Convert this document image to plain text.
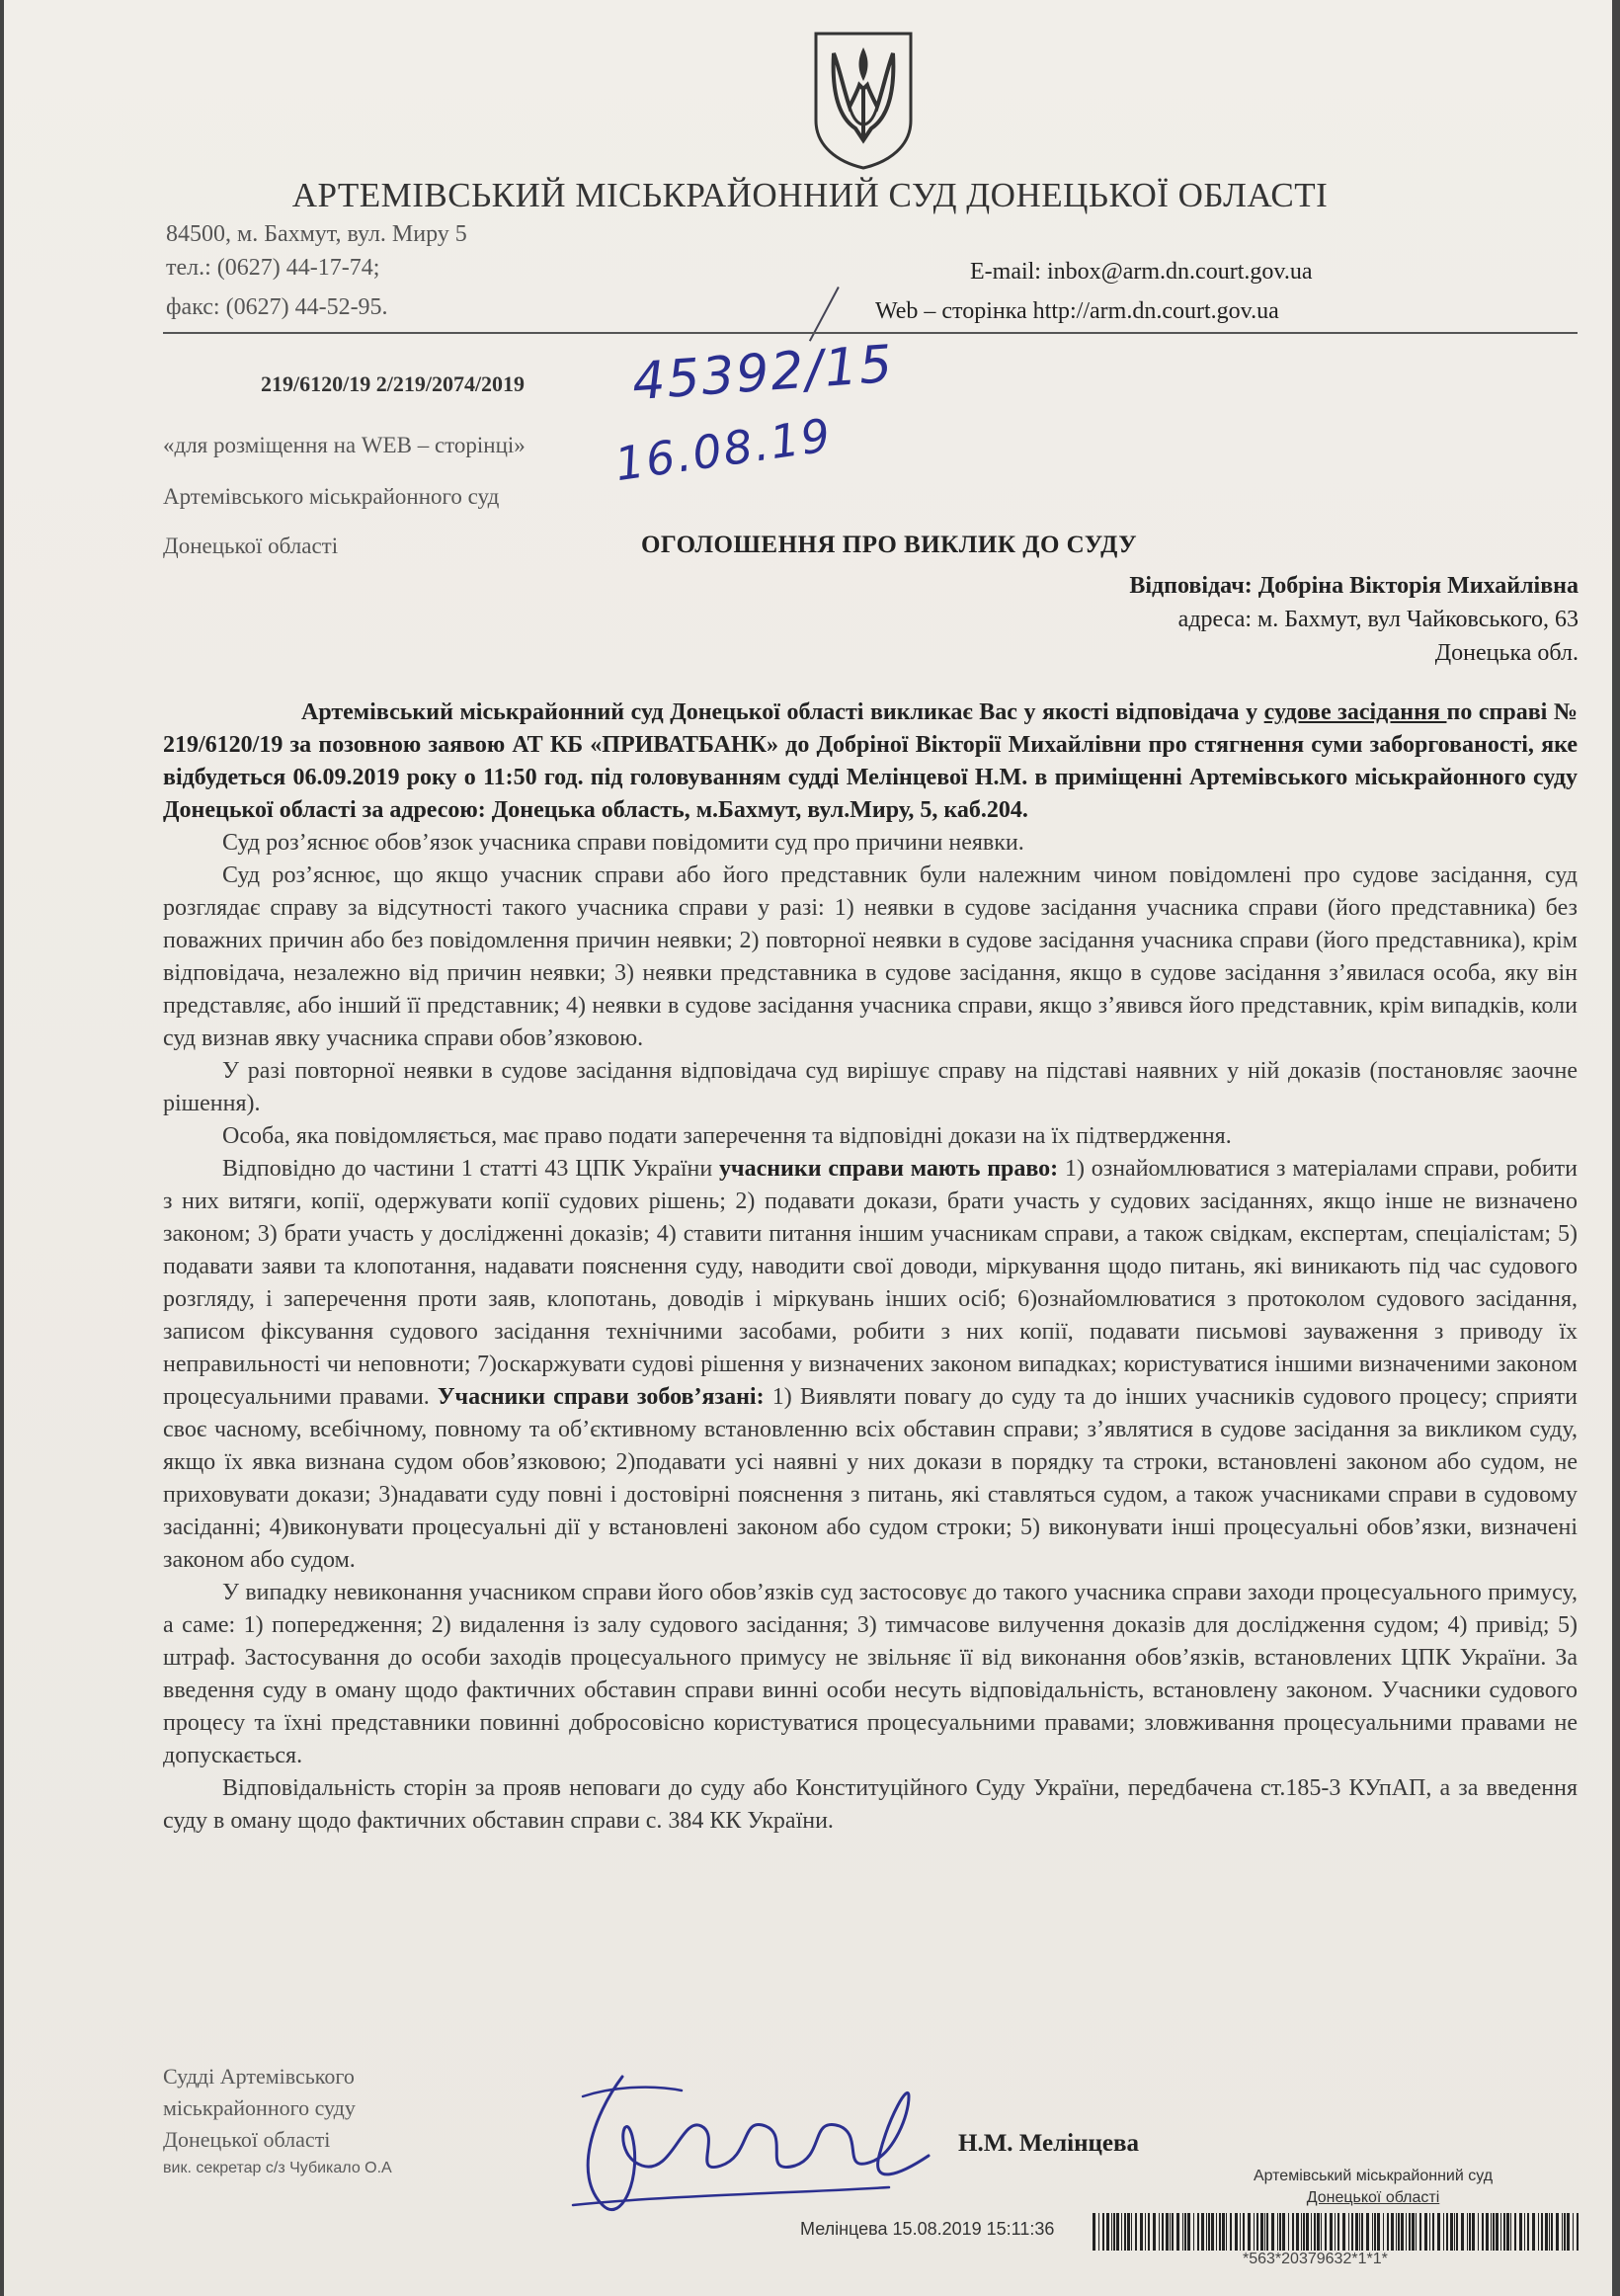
АРТЕМІВСЬКИЙ МІСЬКРАЙОННИЙ СУД ДОНЕЦЬКОЇ ОБЛАСТІ
84500, м. Бахмут, вул. Миру 5
тел.: (0627) 44-17-74;
факс: (0627) 44-52-95.
E-mail: inbox@arm.dn.court.gov.ua
Web – сторінка http://arm.dn.court.gov.ua
219/6120/19 2/219/2074/2019 45392/15
16.08.19
«для розміщення на WEB – сторінці»
Артемівського міськрайонного суд
Донецької області	ОГОЛОШЕННЯ ПРО ВИКЛИК ДО СУДУ
Відповідач: Добріна Вікторія Михайлівна
адреса: м. Бахмут, вул Чайковського, 63
Донецька обл.

Артемівський міськрайонний суд Донецької області викликає Вас у якості відповідача у судове засідання по справі № 219/6120/19 за позовною заявою АТ КБ «ПРИВАТБАНК» до Добріної Вікторії Михайлівни про стягнення суми заборгованості, яке відбудеться 06.09.2019 року о 11:50 год. під головуванням судді Мелінцевої Н.М. в приміщенні Артемівського міськрайонного суду Донецької області за адресою: Донецька область, м.Бахмут, вул.Миру, 5, каб.204.

Суд роз’яснює обов’язок учасника справи повідомити суд про причини неявки.

Суд роз’яснює, що якщо учасник справи або його представник були належним чином повідомлені про судове засідання, суд розглядає справу за відсутності такого учасника справи у разі: 1) неявки в судове засідання учасника справи (його представника) без поважних причин або без повідомлення причин неявки; 2) повторної неявки в судове засідання учасника справи (його представника), крім відповідача, незалежно від причин неявки; 3) неявки представника в судове засідання, якщо в судове засідання з’явилася особа, яку він представляє, або інший її представник; 4) неявки в судове засідання учасника справи, якщо з’явився його представник, крім випадків, коли суд визнав явку учасника справи обов’язковою.

У разі повторної неявки в судове засідання відповідача суд вирішує справу на підставі наявних у ній доказів (постановляє заочне рішення).

Особа, яка повідомляється, має право подати заперечення та відповідні докази на їх підтвердження.

Відповідно до частини 1 статті 43 ЦПК України учасники справи мають право: 1) ознайомлюватися з матеріалами справи, робити з них витяги, копії, одержувати копії судових рішень; 2) подавати докази, брати участь у судових засіданнях, якщо інше не визначено законом; 3) брати участь у дослідженні доказів; 4) ставити питання іншим учасникам справи, а також свідкам, експертам, спеціалістам; 5) подавати заяви та клопотання, надавати пояснення суду, наводити свої доводи, міркування щодо питань, які виникають під час судового розгляду, і заперечення проти заяв, клопотань, доводів і міркувань інших осіб; 6)ознайомлюватися з протоколом судового засідання, записом фіксування судового засідання технічними засобами, робити з них копії, подавати письмові зауваження з приводу їх неправильності чи неповноти; 7)оскаржувати судові рішення у визначених законом випадках; користуватися іншими визначеними законом процесуальними правами. Учасники справи зобов’язані: 1) Виявляти повагу до суду та до інших учасників судового процесу; сприяти своє часному, всебічному, повному та об’єктивному встановленню всіх обставин справи; з’являтися в судове засідання за викликом суду, якщо їх явка визнана судом обов’язковою; 2)подавати усі наявні у них докази в порядку та строки, встановлені законом або судом, не приховувати докази; 3)надавати суду повні і достовірні пояснення з питань, які ставляться судом, а також учасниками справи в судовому засіданні; 4)виконувати процесуальні дії у встановлені законом або судом строки; 5) виконувати інші процесуальні обов’язки, визначені законом або судом.

У випадку невиконання учасником справи його обов’язків суд застосовує до такого учасника справи заходи процесуального примусу, а саме: 1) попередження; 2) видалення із залу судового засідання; 3) тимчасове вилучення доказів для дослідження судом; 4) привід; 5) штраф. Застосування до особи заходів процесуального примусу не звільняє її від виконання обов’язків, встановлених ЦПК України. За введення суду в оману щодо фактичних обставин справи винні особи несуть відповідальність, встановлену законом. Учасники судового процесу та їхні представники повинні добросовісно користуватися процесуальними правами; зловживання процесуальними правами не допускається.

Відповідальність сторін за прояв неповаги до суду або Конституційного Суду України, передбачена ст.185-3 КУпАП, а за введення суду в оману щодо фактичних обставин справи с. 384 КК України.

Судді Артемівського
міськрайонного суду
Донецької області
вик. секретар с/з Чубикало О.А
Н.М. Мелінцева
Артемівський міськрайонний суд
Донецької області
Мелінцева 15.08.2019 15:11:36
*563*20379632*1*1*
